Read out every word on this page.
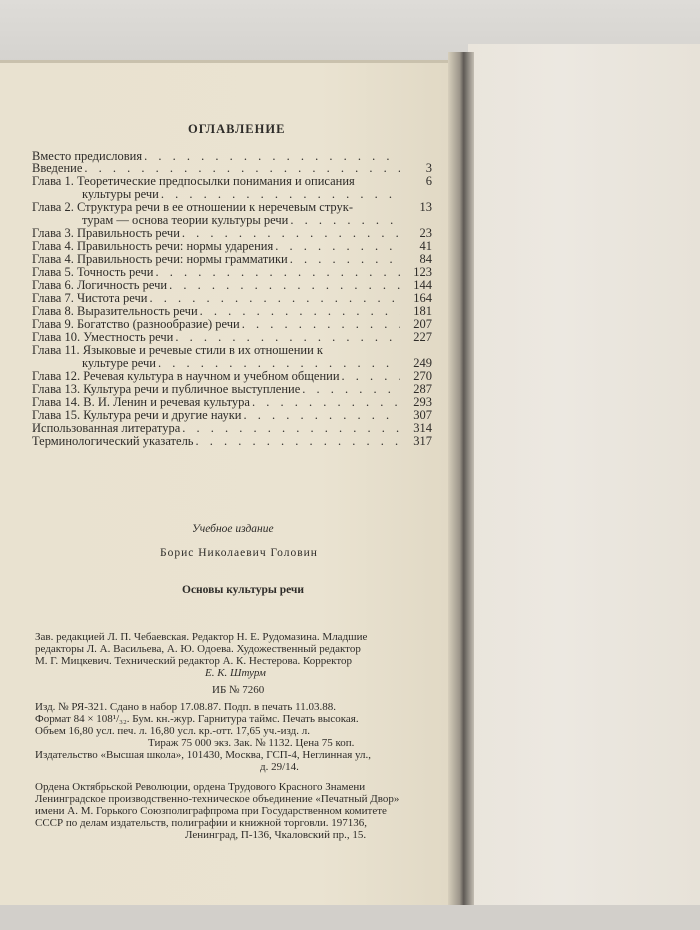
ОГЛАВЛЕНИЕ
Вместо предисловия
. . .
Введение . . .	3
Глава 1. Теоретические предпосылки понимания и описания	6
культуры речи
. . .
Глава 2. Структура речи в ее отношении к неречевым струк-	13
турам — основа теории культуры речи
. . .
Глава 3. Правильность речи . . .	23
Глава 4. Правильность речи: нормы ударения . . .	41
Глава 4. Правильность речи: нормы грамматики . . .	84
Глава 5. Точность речи . . .	123
Глава 6. Логичность речи . . .	144
Глава 7. Чистота речи . . .	164
Глава 8. Выразительность речи . . .	181
Глава 9. Богатство (разнообразие) речи . . .	207
Глава 10. Уместность речи . . .	227
Глава 11. Языковые и речевые стили в их отношении к
культуре речи . . .	249
Глава 12. Речевая культура в научном и учебном общении . . .	270
Глава 13. Культура речи и публичное выступление . . .	287
Глава 14. В. И. Ленин и речевая культура . . .	293
Глава 15. Культура речи и другие науки . . .	307
Использованная литература . . .	314
Терминологический указатель . . .	317
Учебное издание
Борис Николаевич Головин
Основы культуры речи
Зав. редакцией Л. П. Чебаевская. Редактор Н. Е. Рудомазина. Младшие
редакторы Л. А. Васильева, А. Ю. Одоева. Художественный редактор
М. Г. Мицкевич. Технический редактор А. К. Нестерова. Корректор
Е. К. Штурм
ИБ № 7260
Изд. № РЯ-321. Сдано в набор 17.08.87. Подп. в печать 11.03.88.
Формат 84 × 108¹/₃₂. Бум. кн.-жур. Гарнитура таймс. Печать высокая.
Объем 16,80 усл. печ. л. 16,80 усл. кр.-отт. 17,65 уч.-изд. л.
Тираж 75 000 экз. Зак. № 1132. Цена 75 коп.
Издательство «Высшая школа», 101430, Москва, ГСП-4, Неглинная ул.,
д. 29/14.
Ордена Октябрьской Революции, ордена Трудового Красного Знамени
Ленинградское производственно-техническое объединение «Печатный Двор»
имени А. М. Горького Союзполиграфпрома при Государственном комитете
СССР по делам издательств, полиграфии и книжной торговли. 197136,
Ленинград, П-136, Чкаловский пр., 15.
